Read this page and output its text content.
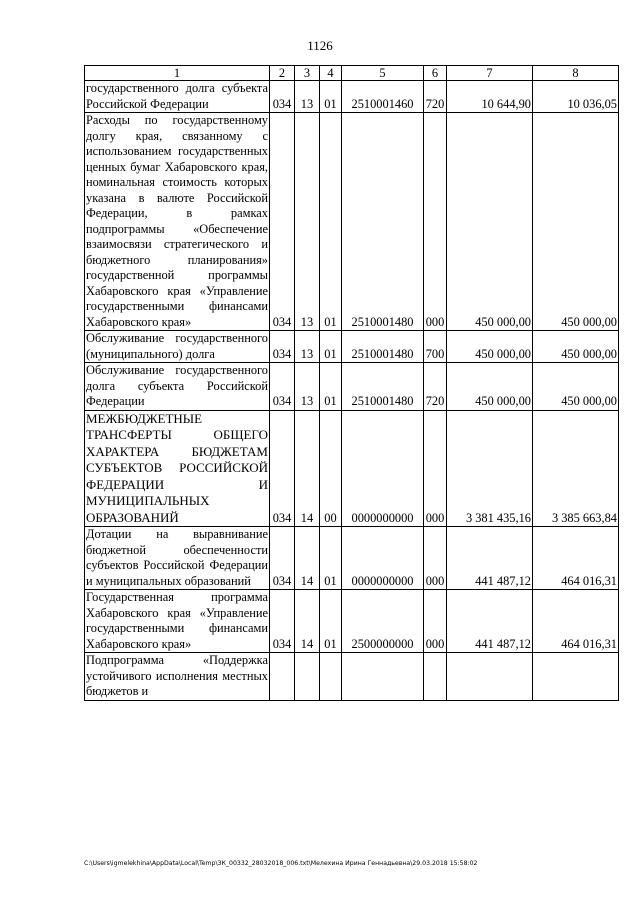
1126
1	2	3	4	5	6	7	8
государственного долга субъекта Российской Федерации	034	13	01	2510001460	720	10 644,90	10 036,05
Расходы по государственному долгу края, связанному с использованием государственных ценных бумаг Хабаровского края, номинальная стоимость которых указана в валюте Российской Федерации, в рамках подпрограммы «Обеспечение взаимосвязи стратегического и бюджетного планирования» государственной программы Хабаровского края «Управление государственными финансами Хабаровского края»	034	13	01	2510001480	000	450 000,00	450 000,00
Обслуживание государственного (муниципального) долга	034	13	01	2510001480	700	450 000,00	450 000,00
Обслуживание государственного долга субъекта Российской Федерации	034	13	01	2510001480	720	450 000,00	450 000,00
МЕЖБЮДЖЕТНЫЕ ТРАНСФЕРТЫ ОБЩЕГО ХАРАКТЕРА БЮДЖЕТАМ СУБЪЕКТОВ РОССИЙСКОЙ ФЕДЕРАЦИИ И МУНИЦИПАЛЬНЫХ ОБРАЗОВАНИЙ	034	14	00	0000000000	000	3 381 435,16	3 385 663,84
Дотации на выравнивание бюджетной обеспеченности субъектов Российской Федерации и муниципальных образований	034	14	01	0000000000	000	441 487,12	464 016,31
Государственная программа Хабаровского края «Управление государственными финансами Хабаровского края»	034	14	01	2500000000	000	441 487,12	464 016,31
Подпрограмма «Поддержка устойчивого исполнения местных бюджетов и							
C:\Users\igmelekhina\AppData\Local\Temp\ЗК_00332_28032018_006.txt\Мелехина Ирина Геннадьевна\29.03.2018 15:58:02
